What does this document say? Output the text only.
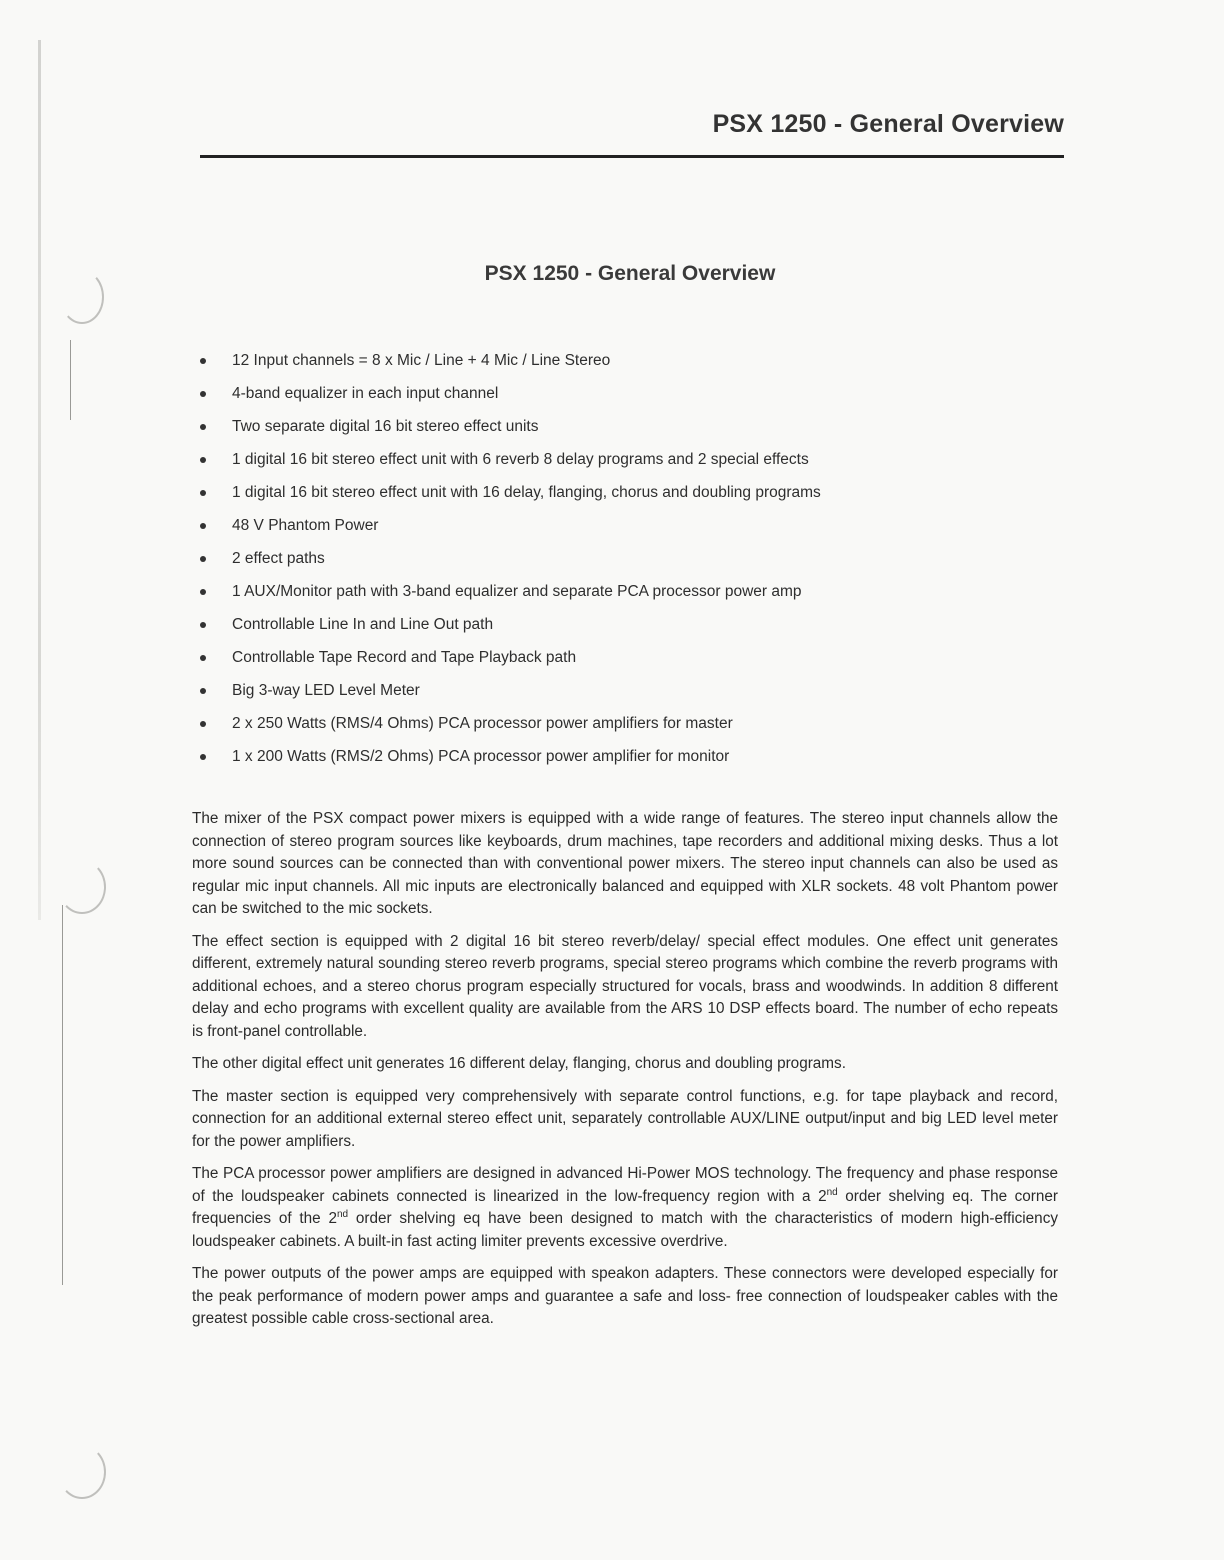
PSX 1250 - General Overview
PSX 1250 - General Overview
12 Input channels = 8 x Mic / Line + 4 Mic / Line Stereo
4-band equalizer in each input channel
Two separate digital 16 bit stereo effect units
1 digital 16 bit stereo effect unit with 6 reverb 8 delay programs and 2 special effects
1 digital 16 bit stereo effect unit with 16 delay, flanging, chorus and doubling programs
48 V Phantom Power
2 effect paths
1 AUX/Monitor path with 3-band equalizer and separate PCA processor power amp
Controllable Line In and Line Out path
Controllable Tape Record and Tape Playback path
Big 3-way LED Level Meter
2 x 250 Watts (RMS/4 Ohms) PCA processor power amplifiers for master
1 x 200 Watts (RMS/2 Ohms) PCA processor power amplifier for monitor

The mixer of the PSX compact power mixers is equipped with a wide range of features. The stereo input channels allow the connection of stereo program sources like keyboards, drum machines, tape recorders and additional mixing desks. Thus a lot more sound sources can be connected than with conventional power mixers. The stereo input channels can also be used as regular mic input channels. All mic inputs are electronically balanced and equipped with XLR sockets. 48 volt Phantom power can be switched to the mic sockets.

The effect section is equipped with 2 digital 16 bit stereo reverb/delay/ special effect modules. One effect unit generates different, extremely natural sounding stereo reverb programs, special stereo programs which combine the reverb programs with additional echoes, and a stereo chorus program especially structured for vocals, brass and woodwinds. In addition 8 different delay and echo programs with excellent quality are available from the ARS 10 DSP effects board. The number of echo repeats is front-panel controllable.

The other digital effect unit generates 16 different delay, flanging, chorus and doubling programs.

The master section is equipped very comprehensively with separate control functions, e.g. for tape playback and record, connection for an additional external stereo effect unit, separately controllable AUX/LINE output/input and big LED level meter for the power amplifiers.

The PCA processor power amplifiers are designed in advanced Hi-Power MOS technology. The frequency and phase response of the loudspeaker cabinets connected is linearized in the low-frequency region with a 2nd order shelving eq. The corner frequencies of the 2nd order shelving eq have been designed to match with the characteristics of modern high-efficiency loudspeaker cabinets. A built-in fast acting limiter prevents excessive overdrive.

The power outputs of the power amps are equipped with speakon adapters. These connectors were developed especially for the peak performance of modern power amps and guarantee a safe and loss- free connection of loudspeaker cables with the greatest possible cable cross-sectional area.
